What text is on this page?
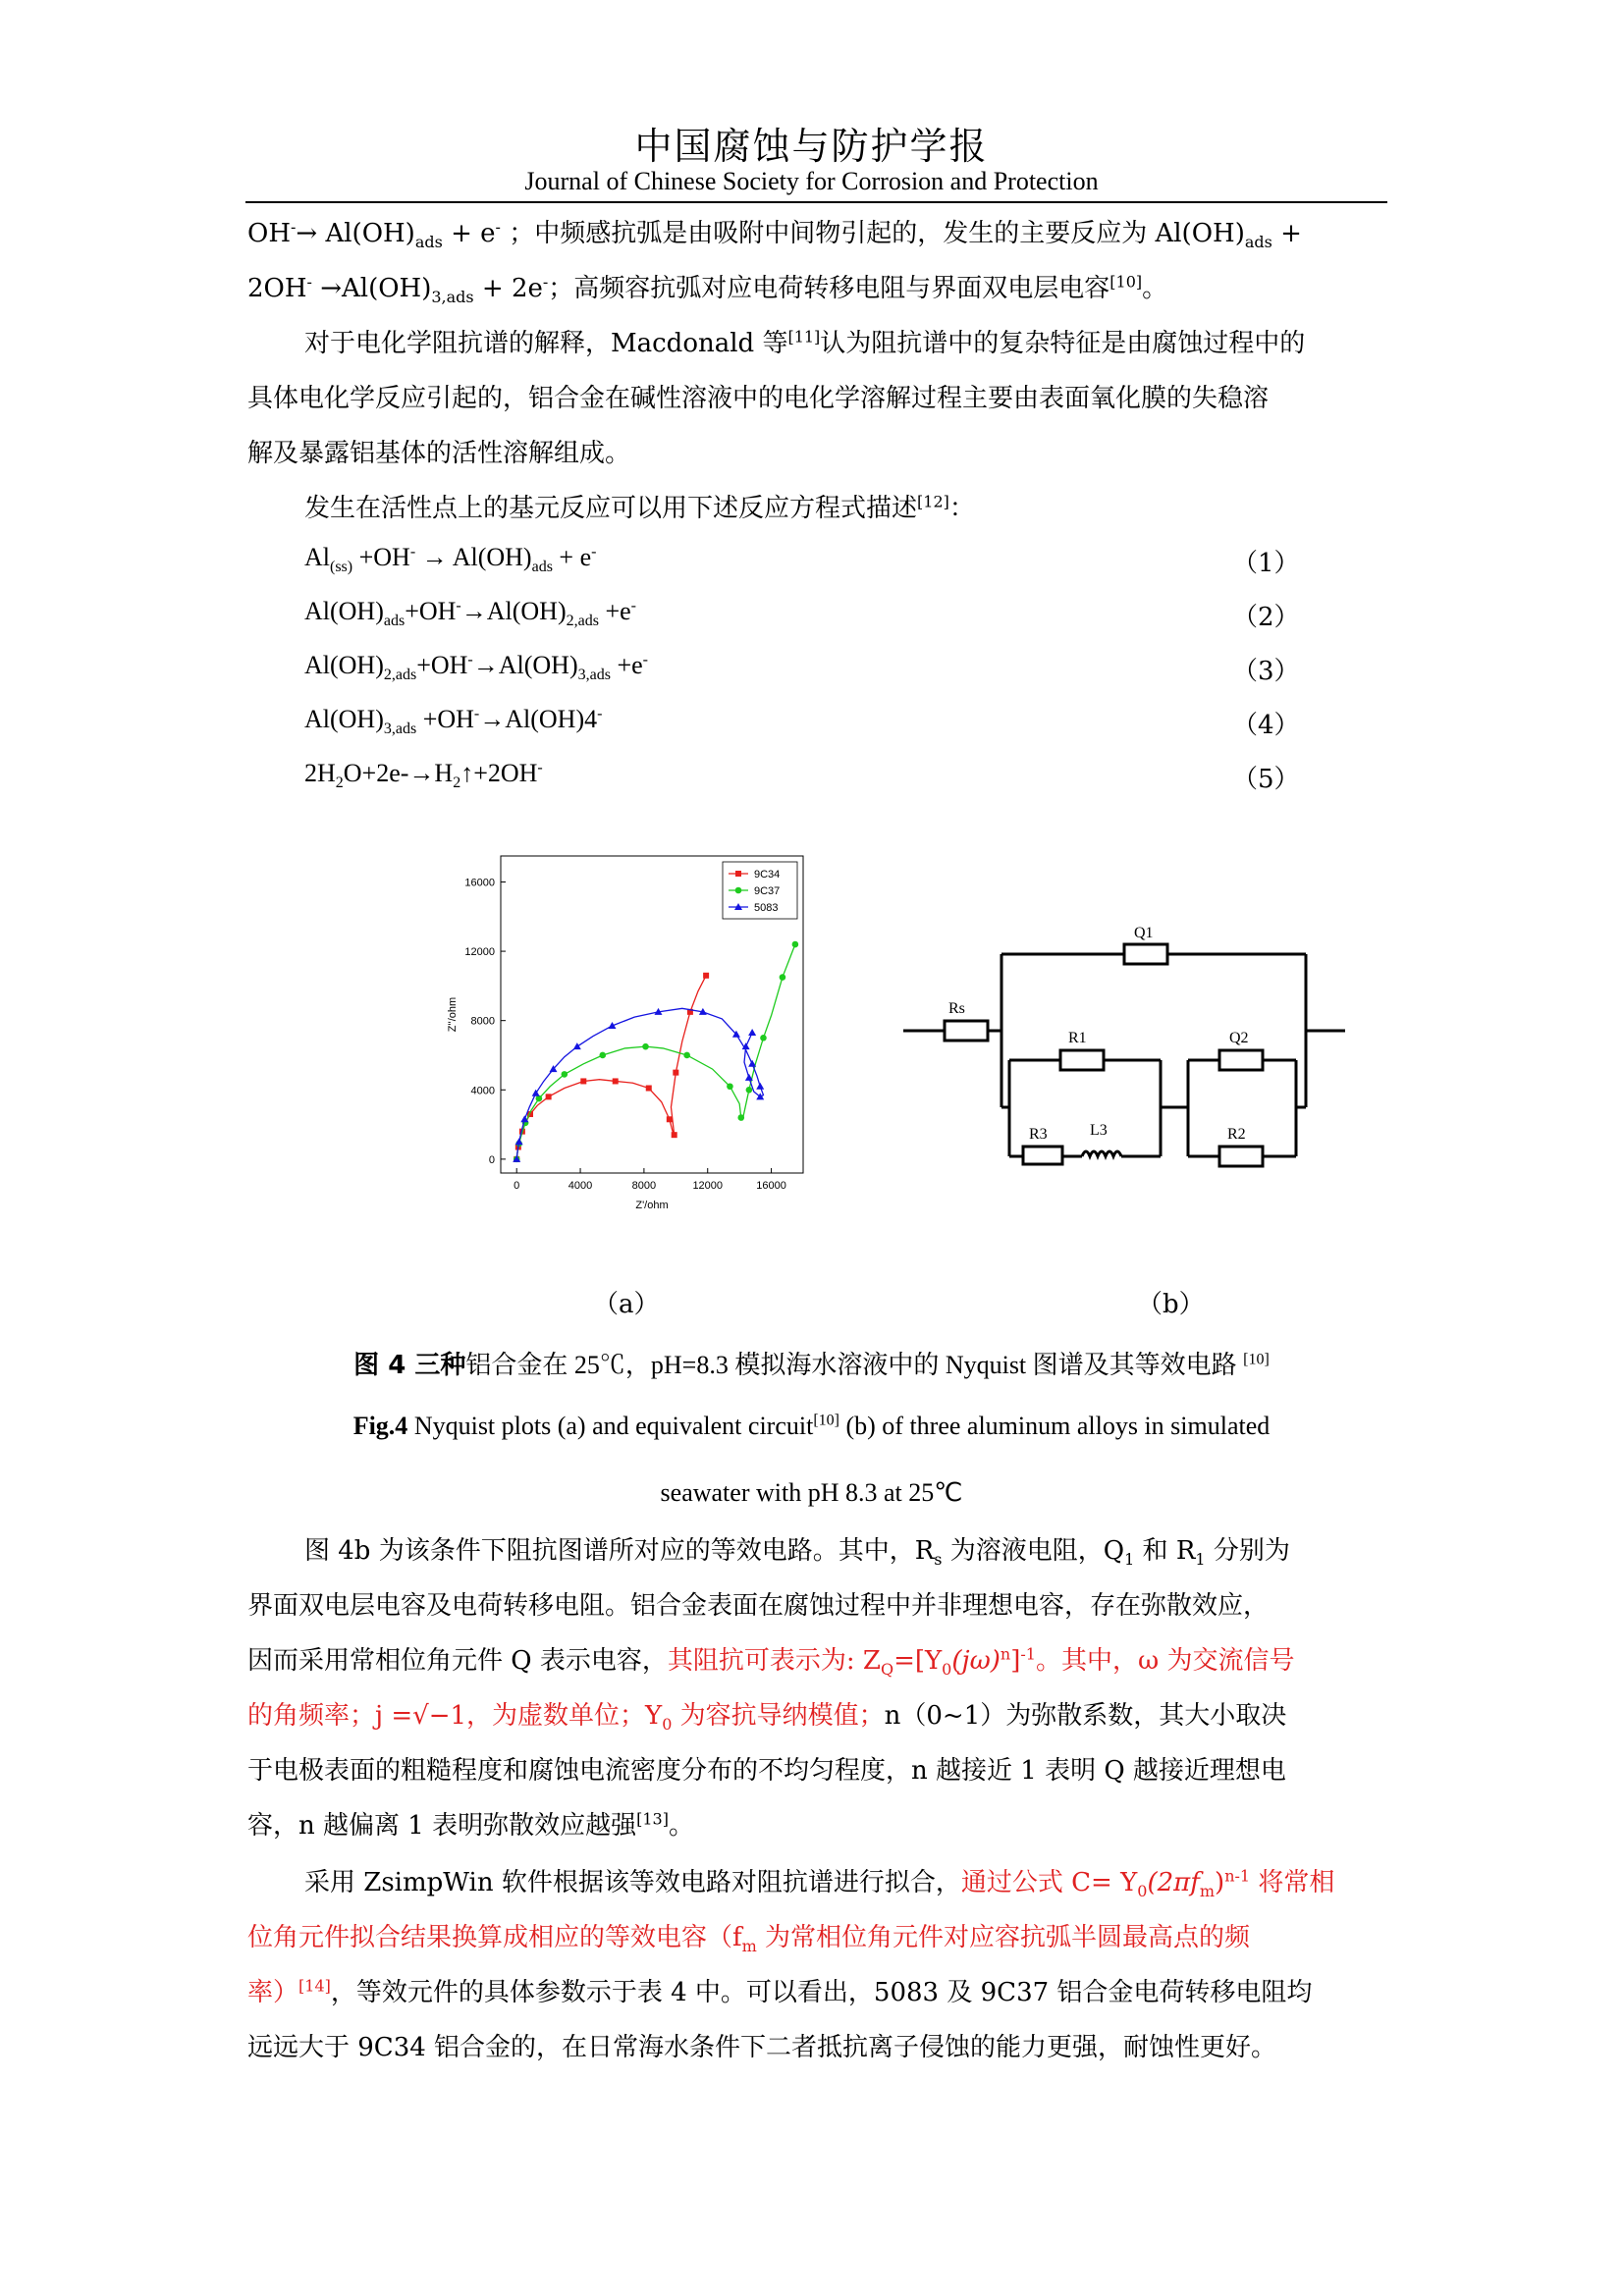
中国腐蚀与防护学报
Journal of Chinese Society for Corrosion and Protection
$OH^-\to Al(OH)_{ads} + e^-$ ；中频感抗弧是由吸附中间物引起的，发生的主要反应为 $Al(OH)_{ads}$ +
$2OH^- \to Al(OH)_{3,ads} + 2e^-$；高频容抗弧对应电荷转移电阻与界面双电层电容[10]。
对于电化学阻抗谱的解释，Macdonald 等[11]认为阻抗谱中的复杂特征是由腐蚀过程中的
具体电化学反应引起的，铝合金在碱性溶液中的电化学溶解过程主要由表面氧化膜的失稳溶
解及暴露铝基体的活性溶解组成。
发生在活性点上的基元反应可以用下述反应方程式描述[12]：
$Al_{(ss)} +OH^- \to Al(OH)_{ads} + e^-$	（1）
$Al(OH)_{ads}+OH^-\to Al(OH)_{2,ads} +e^-$	（2）
$Al(OH)_{2,ads}+OH^-\to Al(OH)_{3,ads} +e^-$	（3）
$Al(OH)_{3,ads} +OH^-\to Al(OH)4^-$	（4）
$2H_2O+2e-\to H_2↑+2OH^-$	（5）
0	4000	8000	12000	16000
0
4000
8000
12000
16000
Z'/ohm
Z''/ohm
9C34
9C37
5083
Rs
Q1
R1	Q2
R3	L3	R2
（a）	（b）
图 4 三种铝合金在 25℃，pH=8.3 模拟海水溶液中的 Nyquist 图谱及其等效电路 [10]
Fig.4 Nyquist plots (a) and equivalent circuit[10] (b) of three aluminum alloys in simulated
seawater with pH 8.3 at 25℃
图 4b 为该条件下阻抗图谱所对应的等效电路。其中，$R_s$ 为溶液电阻，$Q_1$ 和 $R_1$ 分别为
界面双电层电容及电荷转移电阻。铝合金表面在腐蚀过程中并非理想电容，存在弥散效应，
因而采用常相位角元件 Q 表示电容，其阻抗可表示为: $Z_Q=[Y_0(j\omega)^n]^{-1}$。其中，ω 为交流信号
的角频率；j =√−1，为虚数单位；$Y_0$ 为容抗导纳模值；n（0~1）为弥散系数，其大小取决
于电极表面的粗糙程度和腐蚀电流密度分布的不均匀程度，n 越接近 1 表明 Q 越接近理想电
容，n 越偏离 1 表明弥散效应越强[13]。
采用 ZsimpWin 软件根据该等效电路对阻抗谱进行拟合，通过公式 $C= Y_0(2\pi f_m)^{n-1}$ 将常相
位角元件拟合结果换算成相应的等效电容（$f_m$ 为常相位角元件对应容抗弧半圆最高点的频
率）[14]，等效元件的具体参数示于表 4 中。可以看出，5083 及 9C37 铝合金电荷转移电阻均
远远大于 9C34 铝合金的，在日常海水条件下二者抵抗离子侵蚀的能力更强，耐蚀性更好。
